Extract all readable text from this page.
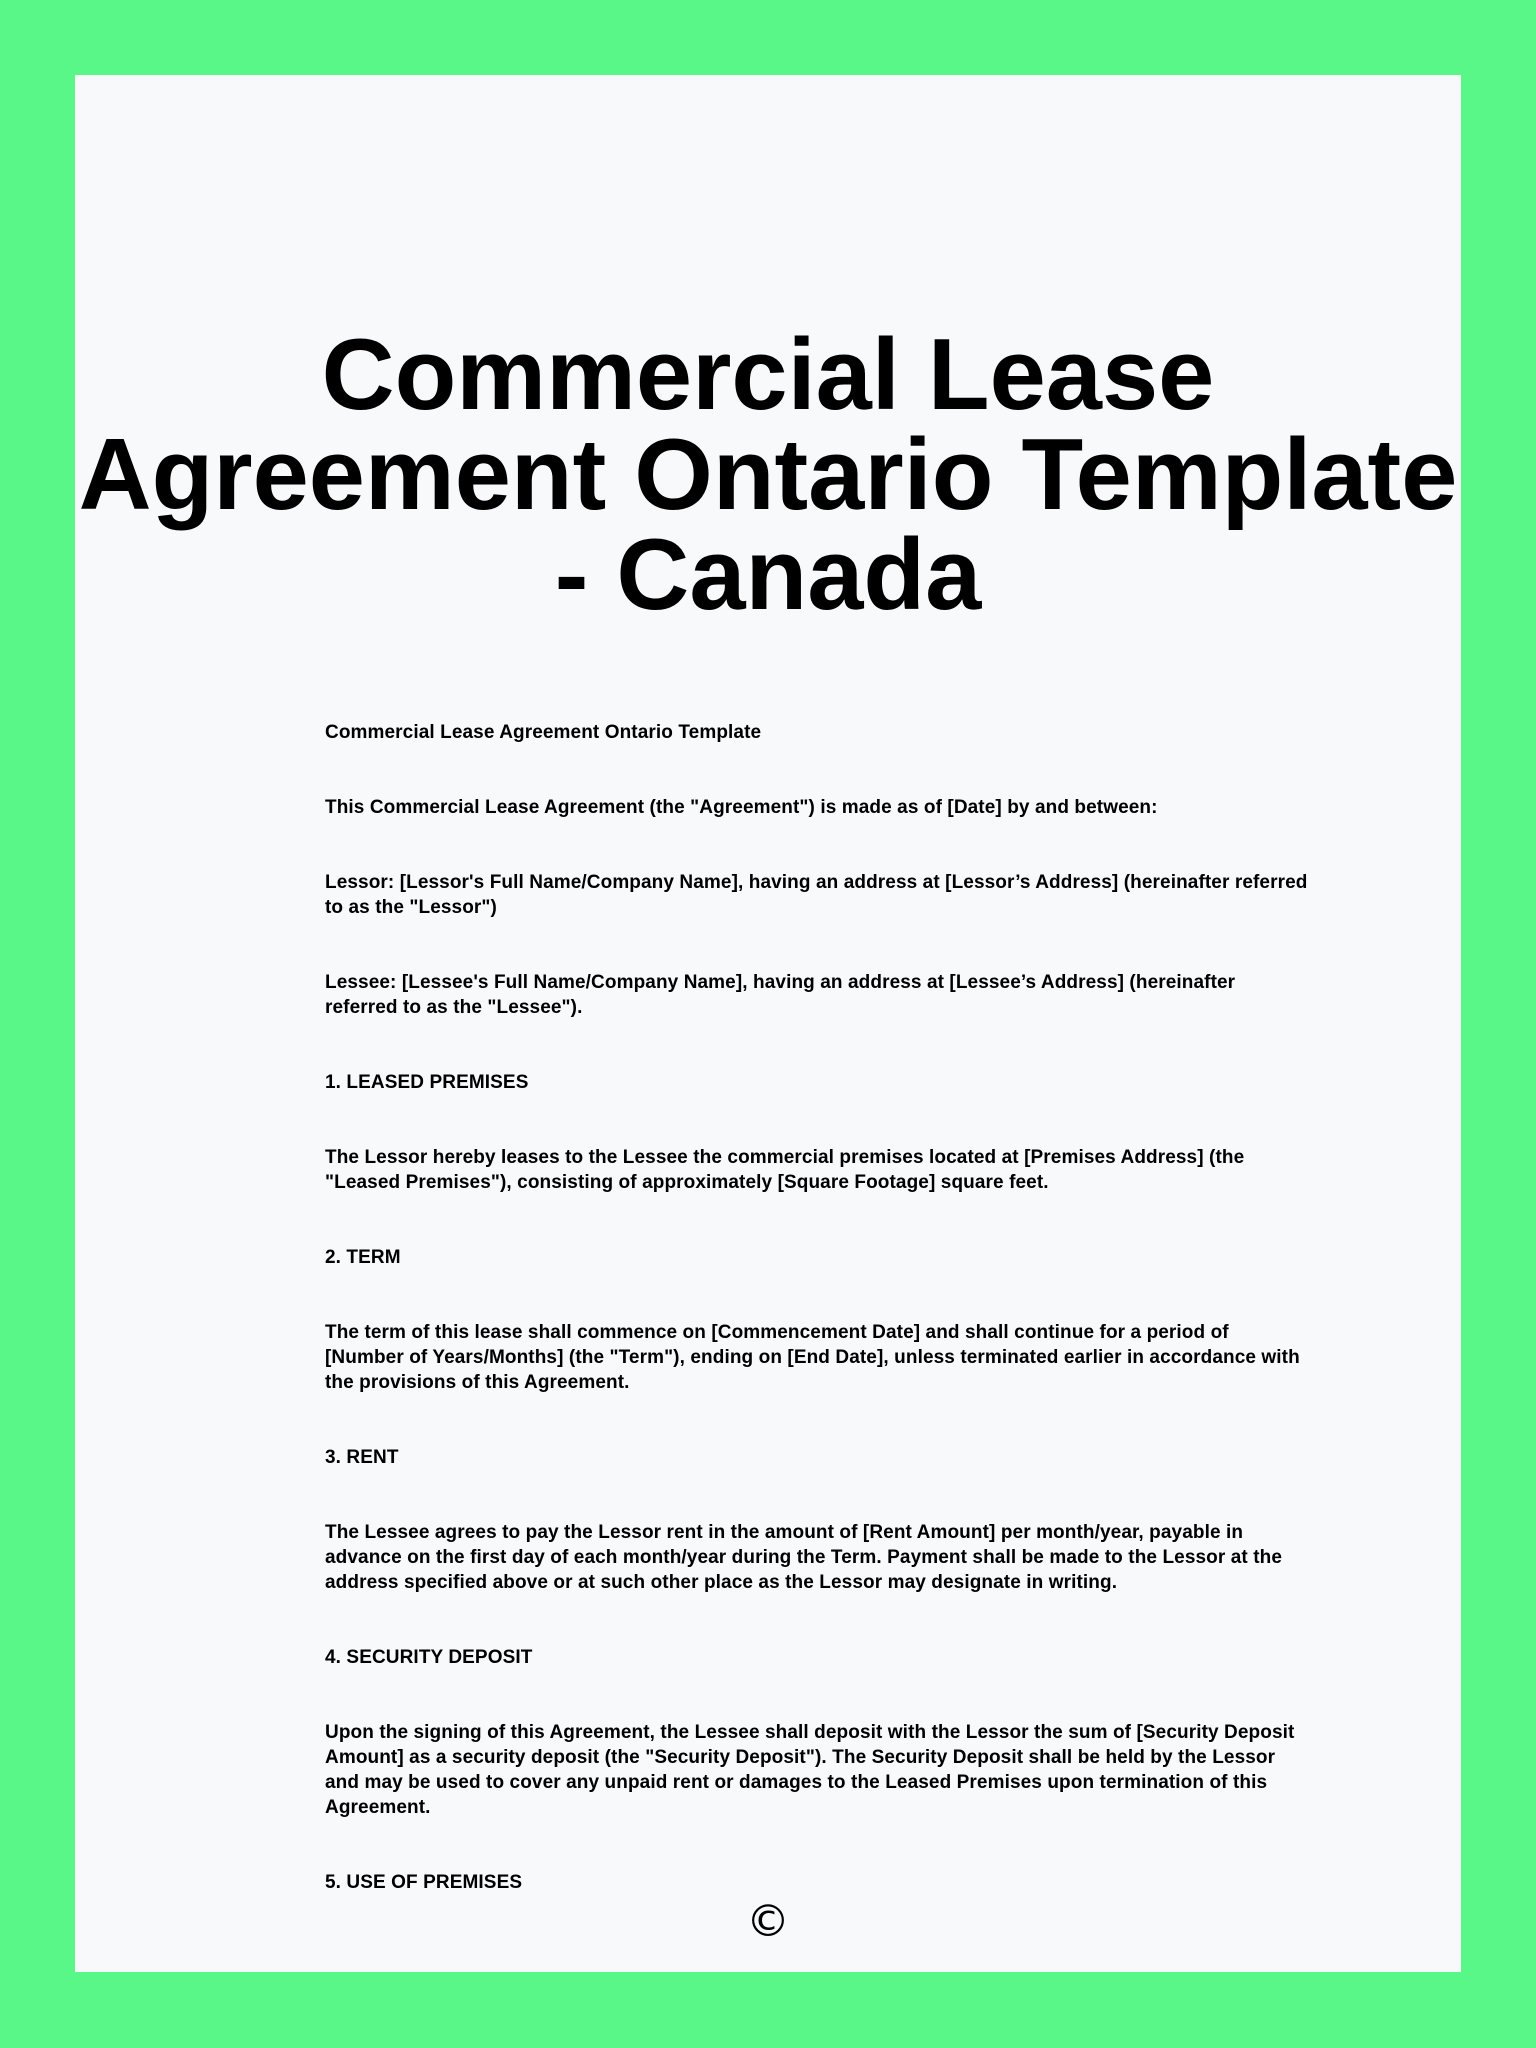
Commercial Lease
Agreement Ontario Template
- Canada

Commercial Lease Agreement Ontario Template

This Commercial Lease Agreement (the "Agreement") is made as of [Date] by and between:

Lessor: [Lessor's Full Name/Company Name], having an address at [Lessor’s Address] (hereinafter referred
to as the "Lessor")

Lessee: [Lessee's Full Name/Company Name], having an address at [Lessee’s Address] (hereinafter
referred to as the "Lessee").

1. LEASED PREMISES

The Lessor hereby leases to the Lessee the commercial premises located at [Premises Address] (the
"Leased Premises"), consisting of approximately [Square Footage] square feet.

2. TERM

The term of this lease shall commence on [Commencement Date] and shall continue for a period of
[Number of Years/Months] (the "Term"), ending on [End Date], unless terminated earlier in accordance with
the provisions of this Agreement.

3. RENT

The Lessee agrees to pay the Lessor rent in the amount of [Rent Amount] per month/year, payable in
advance on the first day of each month/year during the Term. Payment shall be made to the Lessor at the
address specified above or at such other place as the Lessor may designate in writing.

4. SECURITY DEPOSIT

Upon the signing of this Agreement, the Lessee shall deposit with the Lessor the sum of [Security Deposit
Amount] as a security deposit (the "Security Deposit"). The Security Deposit shall be held by the Lessor
and may be used to cover any unpaid rent or damages to the Leased Premises upon termination of this
Agreement.

5. USE OF PREMISES

©
